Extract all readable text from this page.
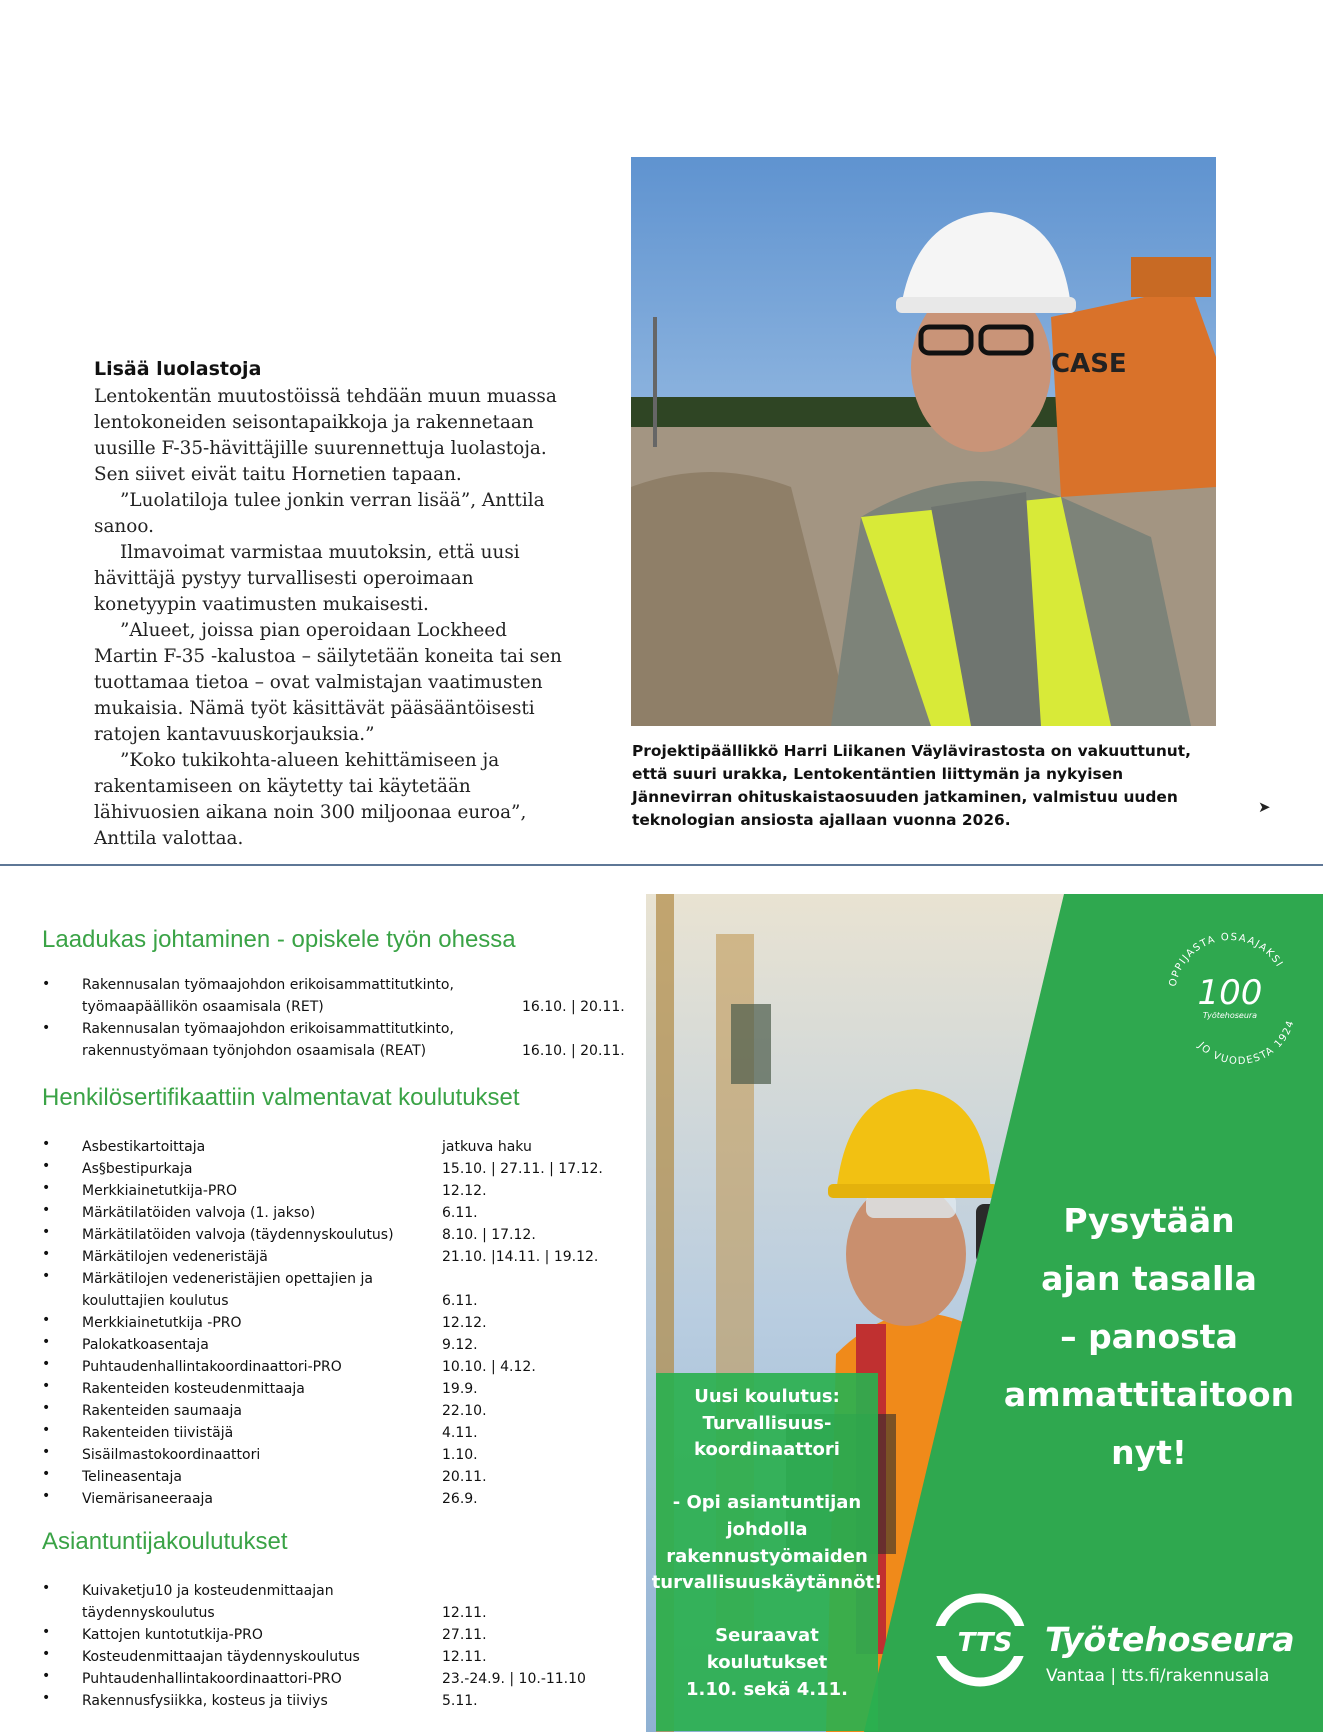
Lisää luolastoja

Lentokentän muutostöissä tehdään muun muassa lentokoneiden seisontapaikkoja ja rakennetaan uusille F-35-hävittäjille suurennettuja luolastoja. Sen siivet eivät taitu Hornetien tapaan.

”Luolatiloja tulee jonkin verran lisää”, Anttila sanoo.

Ilmavoimat varmistaa muutoksin, että uusi hävittäjä pystyy turvallisesti operoimaan konetyypin vaatimusten mukaisesti.

”Alueet, joissa pian operoidaan Lockheed Martin F-35 -kalustoa – säilytetään koneita tai sen tuottamaa tietoa – ovat valmistajan vaatimusten mukaisia. Nämä työt käsittävät pääsääntöisesti ratojen kantavuuskorjauksia.”

”Koko tukikohta-alueen kehittämiseen ja rakentamiseen on käytetty tai käytetään lähivuosien aikana noin 300 miljoonaa euroa”, Anttila valottaa.

CASE
Projektipäällikkö Harri Liikanen Väylävirastosta on vakuuttunut, että suuri urakka, Lentokentäntien liittymän ja nykyisen Jännevirran ohituskaistaosuuden jatkaminen, valmistuu uuden teknologian ansiosta ajallaan vuonna 2026.
➤
Laadukas johtaminen - opiskele työn ohessa
• Rakennusalan työmaajohdon erikoisammattitutkinto,
työmaapäällikön osaamisala (RET)	16.10. | 20.11.
• Rakennusalan työmaajohdon erikoisammattitutkinto,
rakennustyömaan työnjohdon osaamisala (REAT)	16.10. | 20.11.
Henkilösertifikaattiin valmentavat koulutukset
• Asbestikartoittaja	jatkuva haku
• As§bestipurkaja	15.10. | 27.11. | 17.12.
• Merkkiainetutkija-PRO	12.12.
• Märkätilatöiden valvoja (1. jakso)	6.11.
• Märkätilatöiden valvoja (täydennyskoulutus)	8.10. | 17.12.
• Märkätilojen vedeneristäjä	21.10. |14.11. | 19.12.
• Märkätilojen vedeneristäjien opettajien ja
kouluttajien koulutus	6.11.
• Merkkiainetutkija -PRO	12.12.
• Palokatkoasentaja	9.12.
• Puhtaudenhallintakoordinaattori-PRO	10.10. | 4.12.
• Rakenteiden kosteudenmittaaja	19.9.
• Rakenteiden saumaaja	22.10.
• Rakenteiden tiivistäjä	4.11.
• Sisäilmastokoordinaattori	1.10.
• Telineasentaja	20.11.
• Viemärisaneeraaja	26.9.
Asiantuntijakoulutukset
• Kuivaketju10 ja kosteudenmittaajan
täydennyskoulutus	12.11.
• Kattojen kuntotutkija-PRO	27.11.
• Kosteudenmittaajan täydennyskoulutus	12.11.
• Puhtaudenhallintakoordinaattori-PRO	23.-24.9. | 10.-11.10
• Rakennusfysiikka, kosteus ja tiiviys	5.11.
OPPIJASTA OSAAJAKSI
JO VUODESTA 1924
100
Työtehoseura
Pysytään
ajan tasalla
– panosta
ammattitaitoon
nyt!
Uusi koulutus:
Turvallisuus-
koordinaattori
- Opi asiantuntijan
johdolla
rakennustyömaiden
turvallisuuskäytännöt!
Seuraavat
koulutukset
1.10. sekä 4.11.
TTS Työtehoseura
Vantaa | tts.fi/rakennusala
